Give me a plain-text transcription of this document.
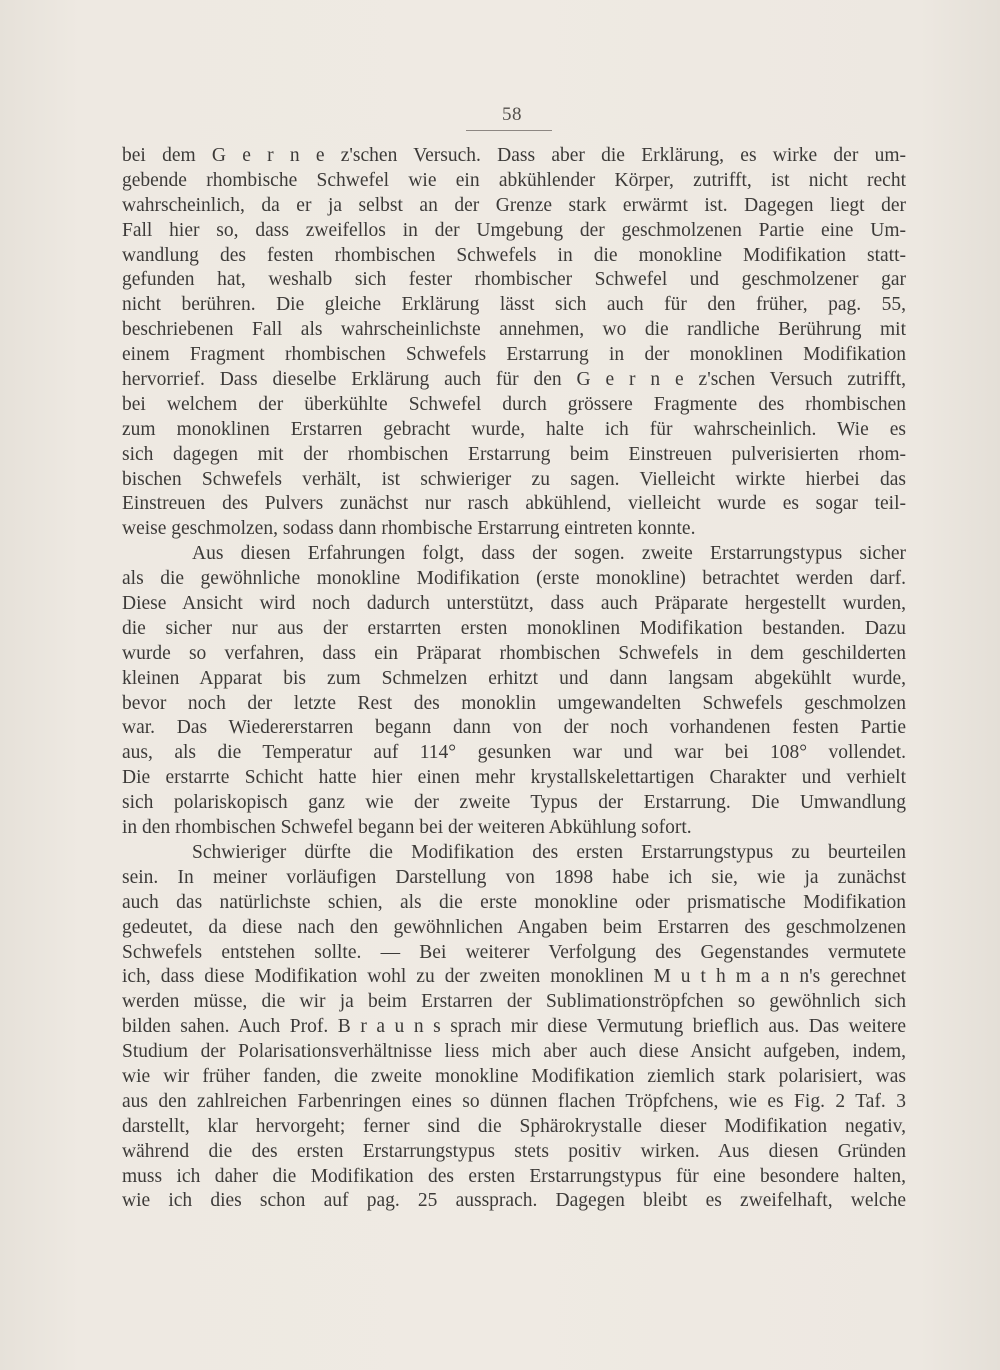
58
bei dem G e r n e z'schen Versuch. Dass aber die Erklärung, es wirke der um-
gebende rhombische Schwefel wie ein abkühlender Körper, zutrifft, ist nicht recht
wahrscheinlich, da er ja selbst an der Grenze stark erwärmt ist. Dagegen liegt der
Fall hier so, dass zweifellos in der Umgebung der geschmolzenen Partie eine Um-
wandlung des festen rhombischen Schwefels in die monokline Modifikation statt-
gefunden hat, weshalb sich fester rhombischer Schwefel und geschmolzener gar
nicht berühren. Die gleiche Erklärung lässt sich auch für den früher, pag. 55,
beschriebenen Fall als wahrscheinlichste annehmen, wo die randliche Berührung mit
einem Fragment rhombischen Schwefels Erstarrung in der monoklinen Modifikation
hervorrief. Dass dieselbe Erklärung auch für den G e r n e z'schen Versuch zutrifft,
bei welchem der überkühlte Schwefel durch grössere Fragmente des rhombischen
zum monoklinen Erstarren gebracht wurde, halte ich für wahrscheinlich. Wie es
sich dagegen mit der rhombischen Erstarrung beim Einstreuen pulverisierten rhom-
bischen Schwefels verhält, ist schwieriger zu sagen. Vielleicht wirkte hierbei das
Einstreuen des Pulvers zunächst nur rasch abkühlend, vielleicht wurde es sogar teil-
weise geschmolzen, sodass dann rhombische Erstarrung eintreten konnte.
Aus diesen Erfahrungen folgt, dass der sogen. zweite Erstarrungstypus sicher
als die gewöhnliche monokline Modifikation (erste monokline) betrachtet werden darf.
Diese Ansicht wird noch dadurch unterstützt, dass auch Präparate hergestellt wurden,
die sicher nur aus der erstarrten ersten monoklinen Modifikation bestanden. Dazu
wurde so verfahren, dass ein Präparat rhombischen Schwefels in dem geschilderten
kleinen Apparat bis zum Schmelzen erhitzt und dann langsam abgekühlt wurde,
bevor noch der letzte Rest des monoklin umgewandelten Schwefels geschmolzen
war. Das Wiedererstarren begann dann von der noch vorhandenen festen Partie
aus, als die Temperatur auf 114° gesunken war und war bei 108° vollendet.
Die erstarrte Schicht hatte hier einen mehr krystallskelettartigen Charakter und verhielt
sich polariskopisch ganz wie der zweite Typus der Erstarrung. Die Umwandlung
in den rhombischen Schwefel begann bei der weiteren Abkühlung sofort.
Schwieriger dürfte die Modifikation des ersten Erstarrungstypus zu beurteilen
sein. In meiner vorläufigen Darstellung von 1898 habe ich sie, wie ja zunächst
auch das natürlichste schien, als die erste monokline oder prismatische Modifikation
gedeutet, da diese nach den gewöhnlichen Angaben beim Erstarren des geschmolzenen
Schwefels entstehen sollte. — Bei weiterer Verfolgung des Gegenstandes vermutete
ich, dass diese Modifikation wohl zu der zweiten monoklinen M u t h m a n n's gerechnet
werden müsse, die wir ja beim Erstarren der Sublimationströpfchen so gewöhnlich sich
bilden sahen. Auch Prof. B r a u n s sprach mir diese Vermutung brieflich aus. Das weitere
Studium der Polarisationsverhältnisse liess mich aber auch diese Ansicht aufgeben, indem,
wie wir früher fanden, die zweite monokline Modifikation ziemlich stark polarisiert, was
aus den zahlreichen Farbenringen eines so dünnen flachen Tröpfchens, wie es Fig. 2 Taf. 3
darstellt, klar hervorgeht; ferner sind die Sphärokrystalle dieser Modifikation negativ,
während die des ersten Erstarrungstypus stets positiv wirken. Aus diesen Gründen
muss ich daher die Modifikation des ersten Erstarrungstypus für eine besondere halten,
wie ich dies schon auf pag. 25 aussprach. Dagegen bleibt es zweifelhaft, welche
